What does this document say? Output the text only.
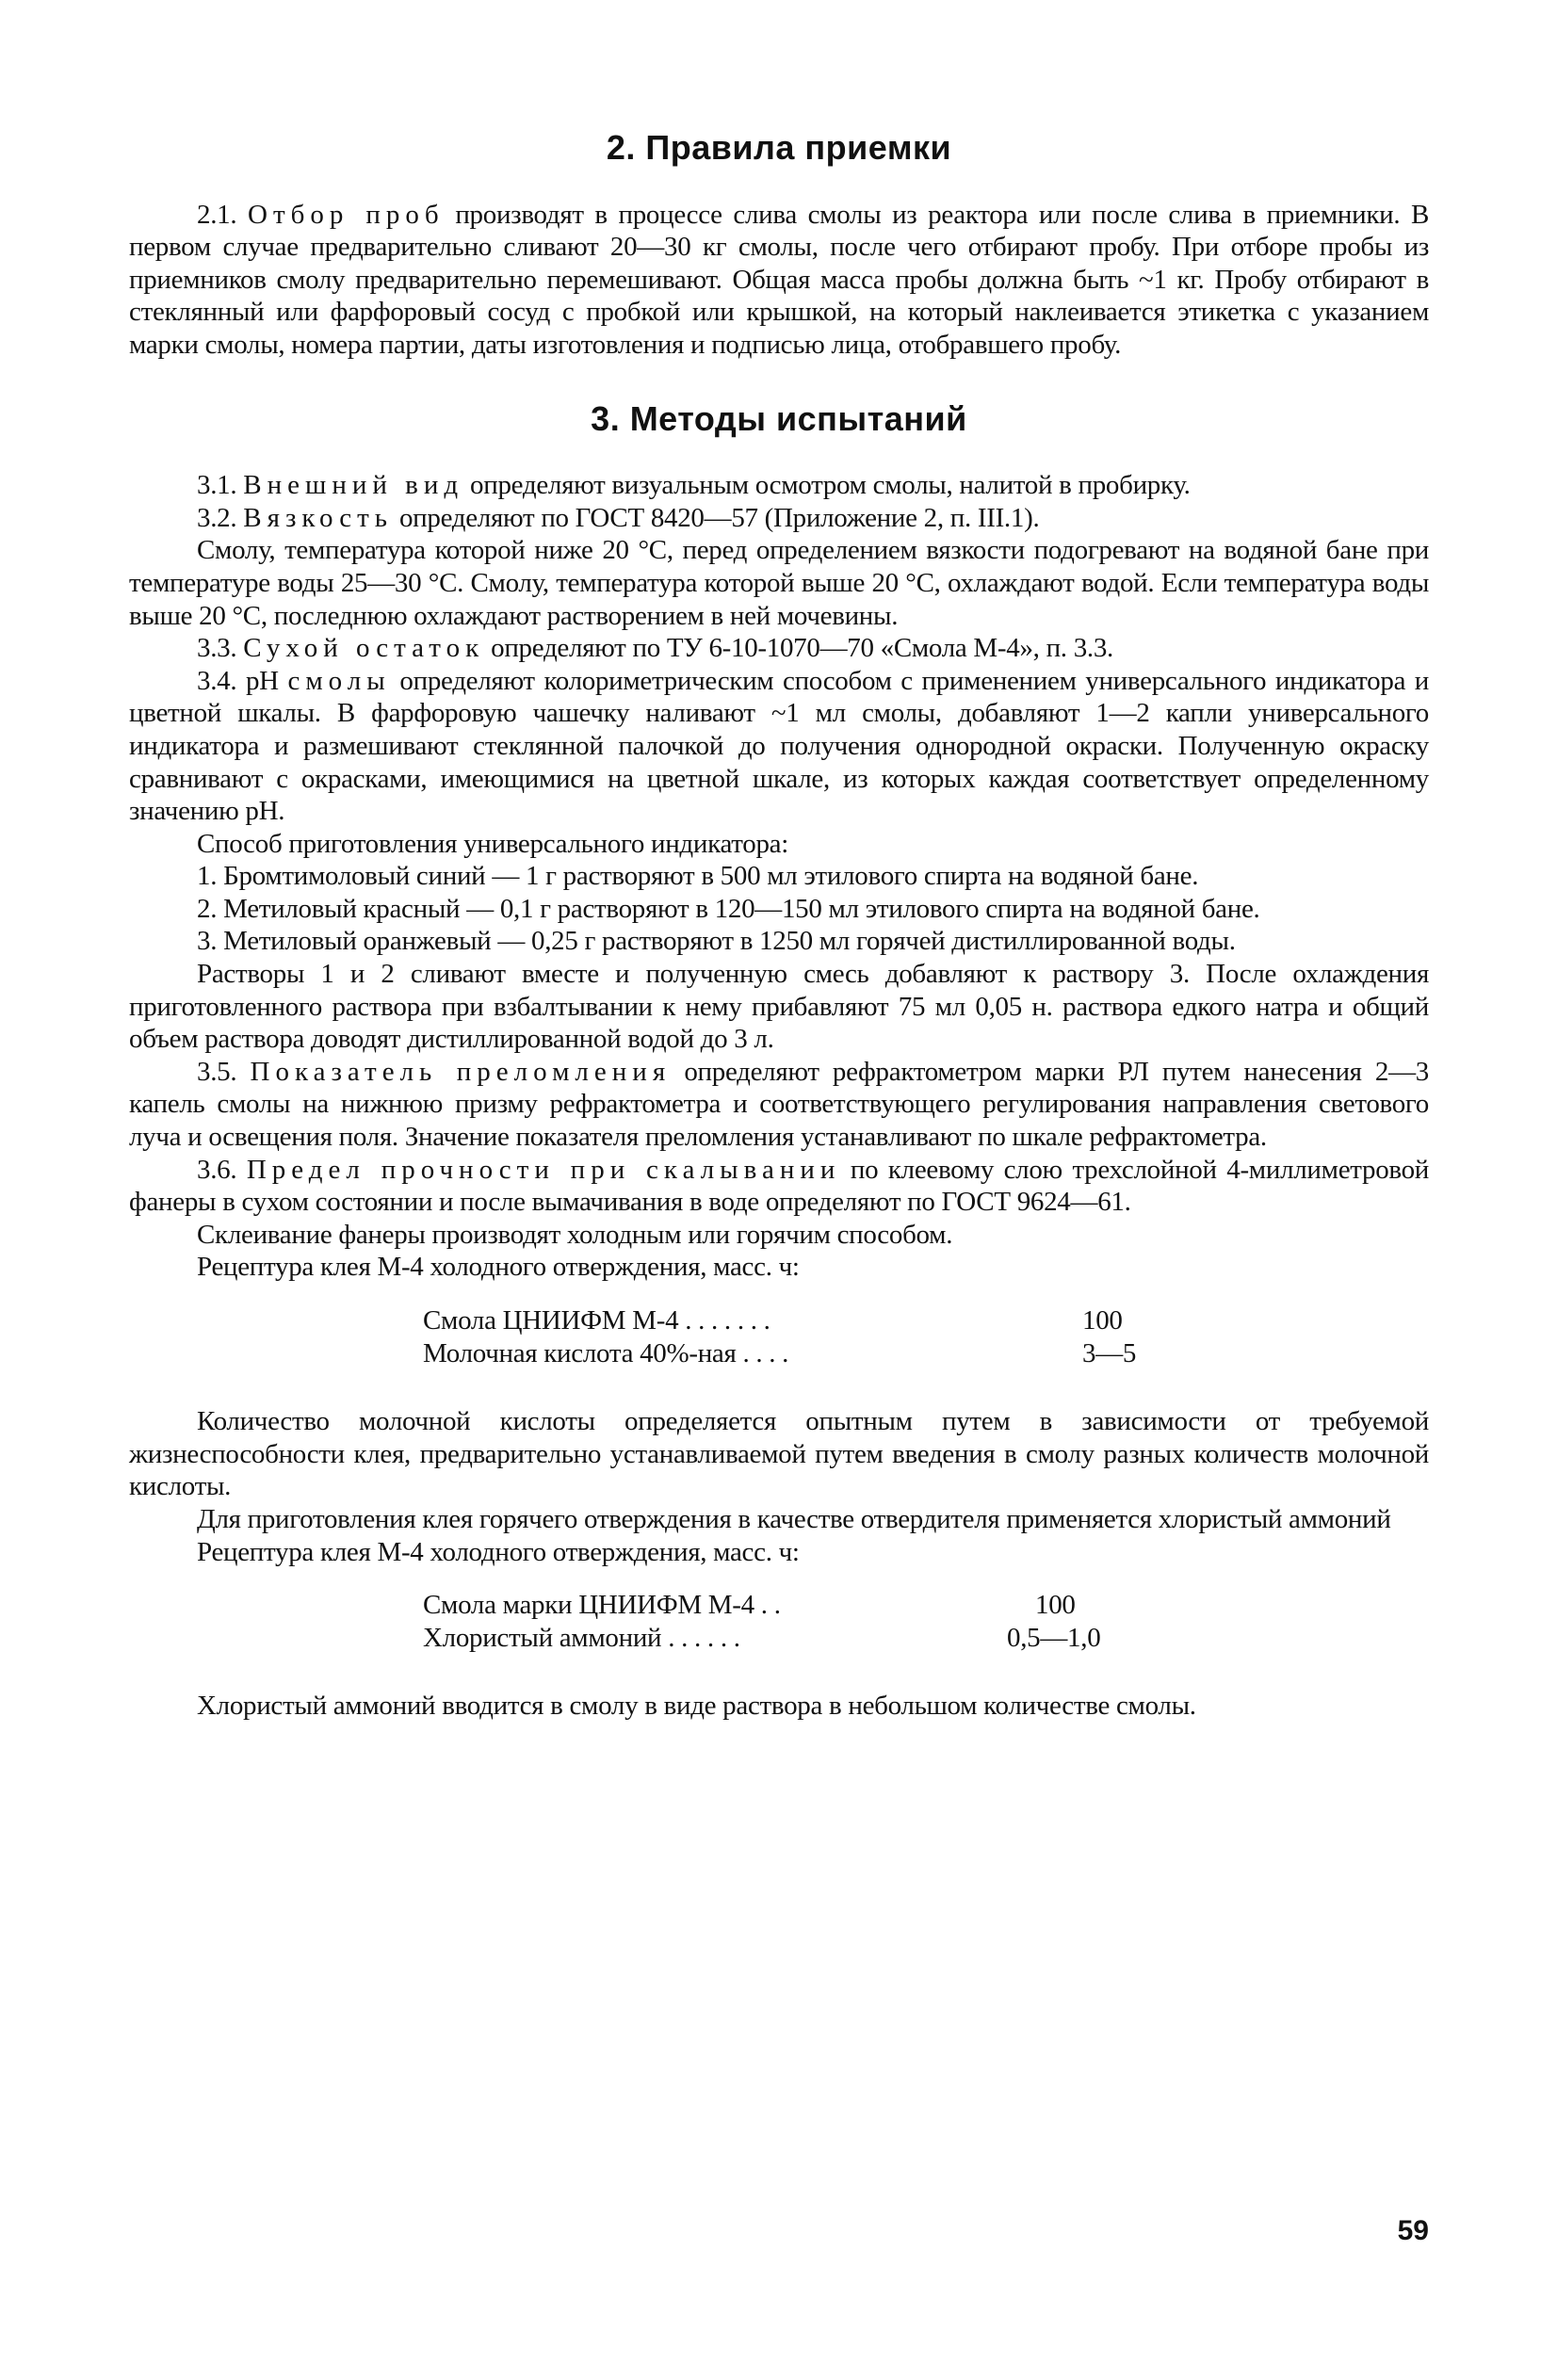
2. Правила приемки

2.1. Отбор проб производят в процессе слива смолы из реактора или после слива в приемники. В первом случае предварительно сливают 20—30 кг смолы, после чего отбирают пробу. При отборе пробы из приемников смолу предварительно перемешивают. Общая масса пробы должна быть ~1 кг. Пробу отбирают в стеклянный или фарфоровый сосуд с пробкой или крышкой, на который наклеивается этикетка с указанием марки смолы, номера партии, даты изготовления и подписью лица, отобравшего пробу.

3. Методы испытаний

3.1. Внешний вид определяют визуальным осмотром смолы, налитой в пробирку.

3.2. Вязкость определяют по ГОСТ 8420—57 (Приложение 2, п. III.1).

Смолу, температура которой ниже 20 °С, перед определением вязкости подогревают на водяной бане при температуре воды 25—30 °С. Смолу, температура которой выше 20 °С, охлаждают водой. Если температура воды выше 20 °С, последнюю охлаждают растворением в ней мочевины.

3.3. Сухой остаток определяют по ТУ 6-10-1070—70 «Смола М-4», п. 3.3.

3.4. pH смолы определяют колориметрическим способом с применением универсального индикатора и цветной шкалы. В фарфоровую чашечку наливают ~1 мл смолы, добавляют 1—2 капли универсального индикатора и размешивают стеклянной палочкой до получения однородной окраски. Полученную окраску сравнивают с окрасками, имеющимися на цветной шкале, из которых каждая соответствует определенному значению pH.

Способ приготовления универсального индикатора:

1. Бромтимоловый синий — 1 г растворяют в 500 мл этилового спирта на водяной бане.

2. Метиловый красный — 0,1 г растворяют в 120—150 мл этилового спирта на водяной бане.

3. Метиловый оранжевый — 0,25 г растворяют в 1250 мл горячей дистиллированной воды.

Растворы 1 и 2 сливают вместе и полученную смесь добавляют к раствору 3. После охлаждения приготовленного раствора при взбалтывании к нему прибавляют 75 мл 0,05 н. раствора едкого натра и общий объем раствора доводят дистиллированной водой до 3 л.

3.5. Показатель преломления определяют рефрактометром марки РЛ путем нанесения 2—3 капель смолы на нижнюю призму рефрактометра и соответствующего регулирования направления светового луча и освещения поля. Значение показателя преломления устанавливают по шкале рефрактометра.

3.6. Предел прочности при скалывании по клеевому слою трехслойной 4-миллиметровой фанеры в сухом состоянии и после вымачивания в воде определяют по ГОСТ 9624—61.

Склеивание фанеры производят холодным или горячим способом.

Рецептура клея М-4 холодного отверждения, масс. ч:

Смола ЦНИИФМ М-4 . . . . . . .	100
Молочная кислота 40%-ная . . . .	3—5

Количество молочной кислоты определяется опытным путем в зависимости от требуемой жизнеспособности клея, предварительно устанавливаемой путем введения в смолу разных количеств молочной кислоты.

Для приготовления клея горячего отверждения в качестве отвердителя применяется хлористый аммоний

Рецептура клея М-4 холодного отверждения, масс. ч:

Смола марки ЦНИИФМ М-4 . .	100
Хлористый аммоний . . . . . .	0,5—1,0

Хлористый аммоний вводится в смолу в виде раствора в небольшом количестве смолы.

59
